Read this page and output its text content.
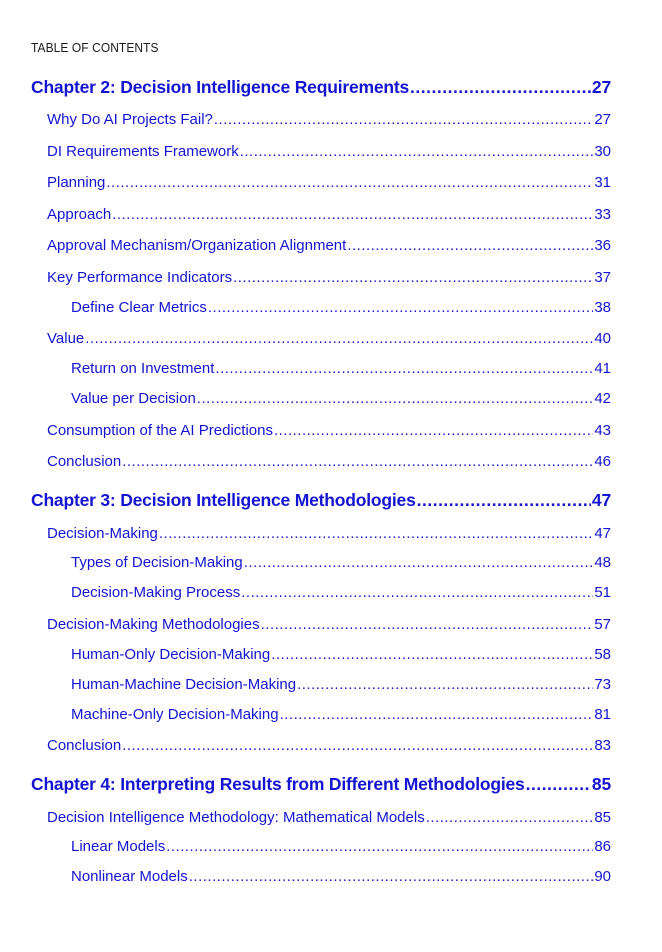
TABLE OF CONTENTS
Chapter 2: Decision Intelligence Requirements .....	27
Why Do AI Projects Fail? .....	27
DI Requirements Framework .....	30
Planning .....	31
Approach .....	33
Approval Mechanism/Organization Alignment .....	36
Key Performance Indicators .....	37
Define Clear Metrics .....	38
Value .....	40
Return on Investment .....	41
Value per Decision .....	42
Consumption of the AI Predictions .....	43
Conclusion .....	46
Chapter 3: Decision Intelligence Methodologies .....	47
Decision-Making .....	47
Types of Decision-Making .....	48
Decision-Making Process .....	51
Decision-Making Methodologies .....	57
Human-Only Decision-Making .....	58
Human-Machine Decision-Making .....	73
Machine-Only Decision-Making .....	81
Conclusion .....	83
Chapter 4: Interpreting Results from Different Methodologies .....	85
Decision Intelligence Methodology: Mathematical Models .....	85
Linear Models .....	86
Nonlinear Models .....	90
